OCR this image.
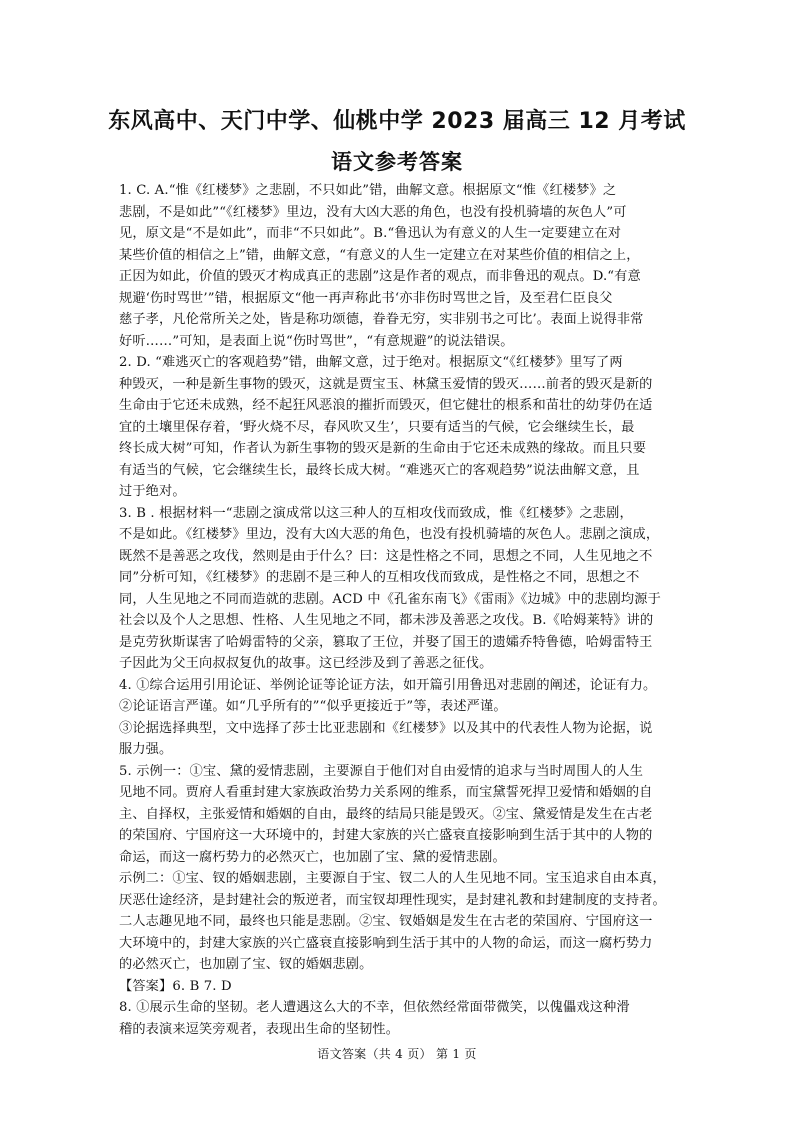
东风高中、天门中学、仙桃中学 2023 届高三 12 月考试
语文参考答案
1. C. A.“惟《红楼梦》之悲剧，不只如此”错，曲解文意。根据原文“惟《红楼梦》之
悲剧，不是如此”“《红楼梦》里边，没有大凶大恶的角色，也没有投机骑墙的灰色人”可
见，原文是“不是如此”，而非“不只如此”。B.“鲁迅认为有意义的人生一定要建立在对
某些价值的相信之上”错，曲解文意，“有意义的人生一定建立在对某些价值的相信之上，
正因为如此，价值的毁灭才构成真正的悲剧”这是作者的观点，而非鲁迅的观点。D.“有意
规避‘伤时骂世’”错，根据原文“他一再声称此书‘亦非伤时骂世之旨，及至君仁臣良父
慈子孝，凡伦常所关之处，皆是称功颂德，眷眷无穷，实非别书之可比’。表面上说得非常
好听……”可知，是表面上说“伤时骂世”，“有意规避”的说法错误。
2. D. “难逃灭亡的客观趋势”错，曲解文意，过于绝对。根据原文“《红楼梦》里写了两
种毁灭，一种是新生事物的毁灭，这就是贾宝玉、林黛玉爱情的毁灭……前者的毁灭是新的
生命由于它还未成熟，经不起狂风恶浪的摧折而毁灭，但它健壮的根系和苗壮的幼芽仍在适
宜的土壤里保存着，‘野火烧不尽，春风吹又生’，只要有适当的气候，它会继续生长，最
终长成大树”可知，作者认为新生事物的毁灭是新的生命由于它还未成熟的缘故。而且只要
有适当的气候，它会继续生长，最终长成大树。“难逃灭亡的客观趋势”说法曲解文意，且
过于绝对。
3. B . 根据材料一“悲剧之演成常以这三种人的互相攻伐而致成，惟《红楼梦》之悲剧，
不是如此。《红楼梦》里边，没有大凶大恶的角色，也没有投机骑墙的灰色人。悲剧之演成，
既然不是善恶之攻伐，然则是由于什么？曰：这是性格之不同，思想之不同，人生见地之不
同”分析可知，《红楼梦》的悲剧不是三种人的互相攻伐而致成，是性格之不同，思想之不
同，人生见地之不同而造就的悲剧。ACD 中《孔雀东南飞》《雷雨》《边城》中的悲剧均源于
社会以及个人之思想、性格、人生见地之不同，都未涉及善恶之攻伐。B.《哈姆莱特》讲的
是克劳狄斯谋害了哈姆雷特的父亲，篡取了王位，并娶了国王的遗孀乔特鲁德，哈姆雷特王
子因此为父王向叔叔复仇的故事。这已经涉及到了善恶之征伐。
4. ①综合运用引用论证、举例论证等论证方法，如开篇引用鲁迅对悲剧的阐述，论证有力。
②论证语言严谨。如“几乎所有的”“似乎更接近于”等，表述严谨。
③论据选择典型，文中选择了莎士比亚悲剧和《红楼梦》以及其中的代表性人物为论据，说
服力强。
5. 示例一：①宝、黛的爱情悲剧，主要源自于他们对自由爱情的追求与当时周围人的人生
见地不同。贾府人看重封建大家族政治势力关系网的维系，而宝黛誓死捍卫爱情和婚姻的自
主、自择权，主张爱情和婚姻的自由，最终的结局只能是毁灭。②宝、黛爱情是发生在古老
的荣国府、宁国府这一大环境中的，封建大家族的兴亡盛衰直接影响到生活于其中的人物的
命运，而这一腐朽势力的必然灭亡，也加剧了宝、黛的爱情悲剧。
示例二：①宝、钗的婚姻悲剧，主要源自于宝、钗二人的人生见地不同。宝玉追求自由本真，
厌恶仕途经济，是封建社会的叛逆者，而宝钗却理性现实，是封建礼教和封建制度的支持者。
二人志趣见地不同，最终也只能是悲剧。②宝、钗婚姻是发生在古老的荣国府、宁国府这一
大环境中的，封建大家族的兴亡盛衰直接影响到生活于其中的人物的命运，而这一腐朽势力
的必然灭亡，也加剧了宝、钗的婚姻悲剧。
【答案】6. B 7. D
8. ①展示生命的坚韧。老人遭遇这么大的不幸，但依然经常面带微笑，以傀儡戏这种滑
稽的表演来逗笑旁观者，表现出生命的坚韧性。
语文答案（共 4 页） 第 1 页
